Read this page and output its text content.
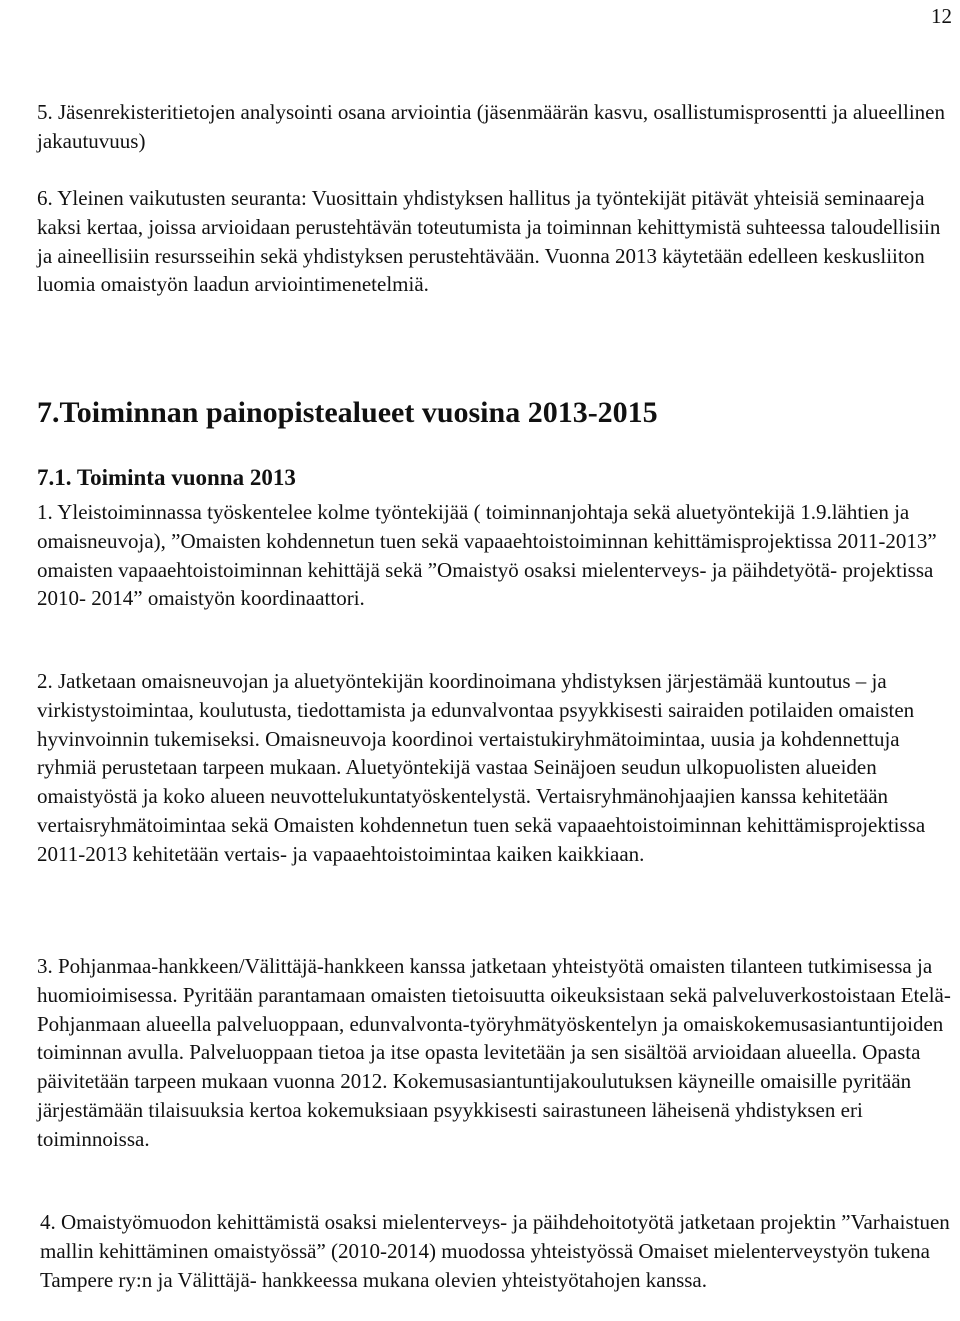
12

5. Jäsenrekisteritietojen analysointi osana arviointia (jäsenmäärän kasvu, osallistumisprosentti ja alueellinen jakautuvuus)

6. Yleinen vaikutusten seuranta: Vuosittain yhdistyksen hallitus ja työntekijät pitävät yhteisiä seminaareja kaksi kertaa, joissa arvioidaan perustehtävän toteutumista ja toiminnan kehittymistä suhteessa taloudellisiin ja aineellisiin resursseihin sekä yhdistyksen perustehtävään. Vuonna 2013 käytetään edelleen keskusliiton luomia omaistyön laadun arviointimenetelmiä.

7.Toiminnan painopistealueet vuosina 2013-2015
7.1. Toiminta vuonna 2013

1. Yleistoiminnassa työskentelee kolme työntekijää ( toiminnanjohtaja sekä aluetyöntekijä 1.9.lähtien ja omaisneuvoja), ”Omaisten kohdennetun tuen sekä vapaaehtoistoiminnan kehittämisprojektissa 2011-2013” omaisten vapaaehtoistoiminnan kehittäjä sekä ”Omaistyö osaksi mielenterveys- ja päihdetyötä- projektissa 2010- 2014” omaistyön koordinaattori.

2. Jatketaan omaisneuvojan ja aluetyöntekijän koordinoimana yhdistyksen järjestämää kuntoutus – ja virkistystoimintaa, koulutusta, tiedottamista ja edunvalvontaa psyykkisesti sairaiden potilaiden omaisten hyvinvoinnin tukemiseksi. Omaisneuvoja koordinoi vertaistukiryhmätoimintaa, uusia ja kohdennettuja ryhmiä perustetaan tarpeen mukaan. Aluetyöntekijä vastaa Seinäjoen seudun ulkopuolisten alueiden omaistyöstä ja koko alueen neuvottelukuntatyöskentelystä. Vertaisryhmänohjaajien kanssa kehitetään vertaisryhmätoimintaa sekä Omaisten kohdennetun tuen sekä vapaaehtoistoiminnan kehittämisprojektissa 2011-2013 kehitetään vertais- ja vapaaehtoistoimintaa kaiken kaikkiaan.

3. Pohjanmaa-hankkeen/Välittäjä-hankkeen kanssa jatketaan yhteistyötä omaisten tilanteen tutkimisessa ja huomioimisessa. Pyritään parantamaan omaisten tietoisuutta oikeuksistaan sekä palveluverkostoistaan Etelä- Pohjanmaan alueella palveluoppaan, edunvalvonta-työryhmätyöskentelyn ja omaiskokemusasiantuntijoiden toiminnan avulla. Palveluoppaan tietoa ja itse opasta levitetään ja sen sisältöä arvioidaan alueella. Opasta päivitetään tarpeen mukaan vuonna 2012. Kokemusasiantuntijakoulutuksen käyneille omaisille pyritään järjestämään tilaisuuksia kertoa kokemuksiaan psyykkisesti sairastuneen läheisenä yhdistyksen eri toiminnoissa.

4. Omaistyömuodon kehittämistä osaksi mielenterveys- ja päihdehoitotyötä jatketaan projektin ”Varhaistuen mallin kehittäminen omaistyössä” (2010-2014) muodossa yhteistyössä Omaiset mielenterveystyön tukena Tampere ry:n ja Välittäjä- hankkeessa mukana olevien yhteistyötahojen kanssa.
